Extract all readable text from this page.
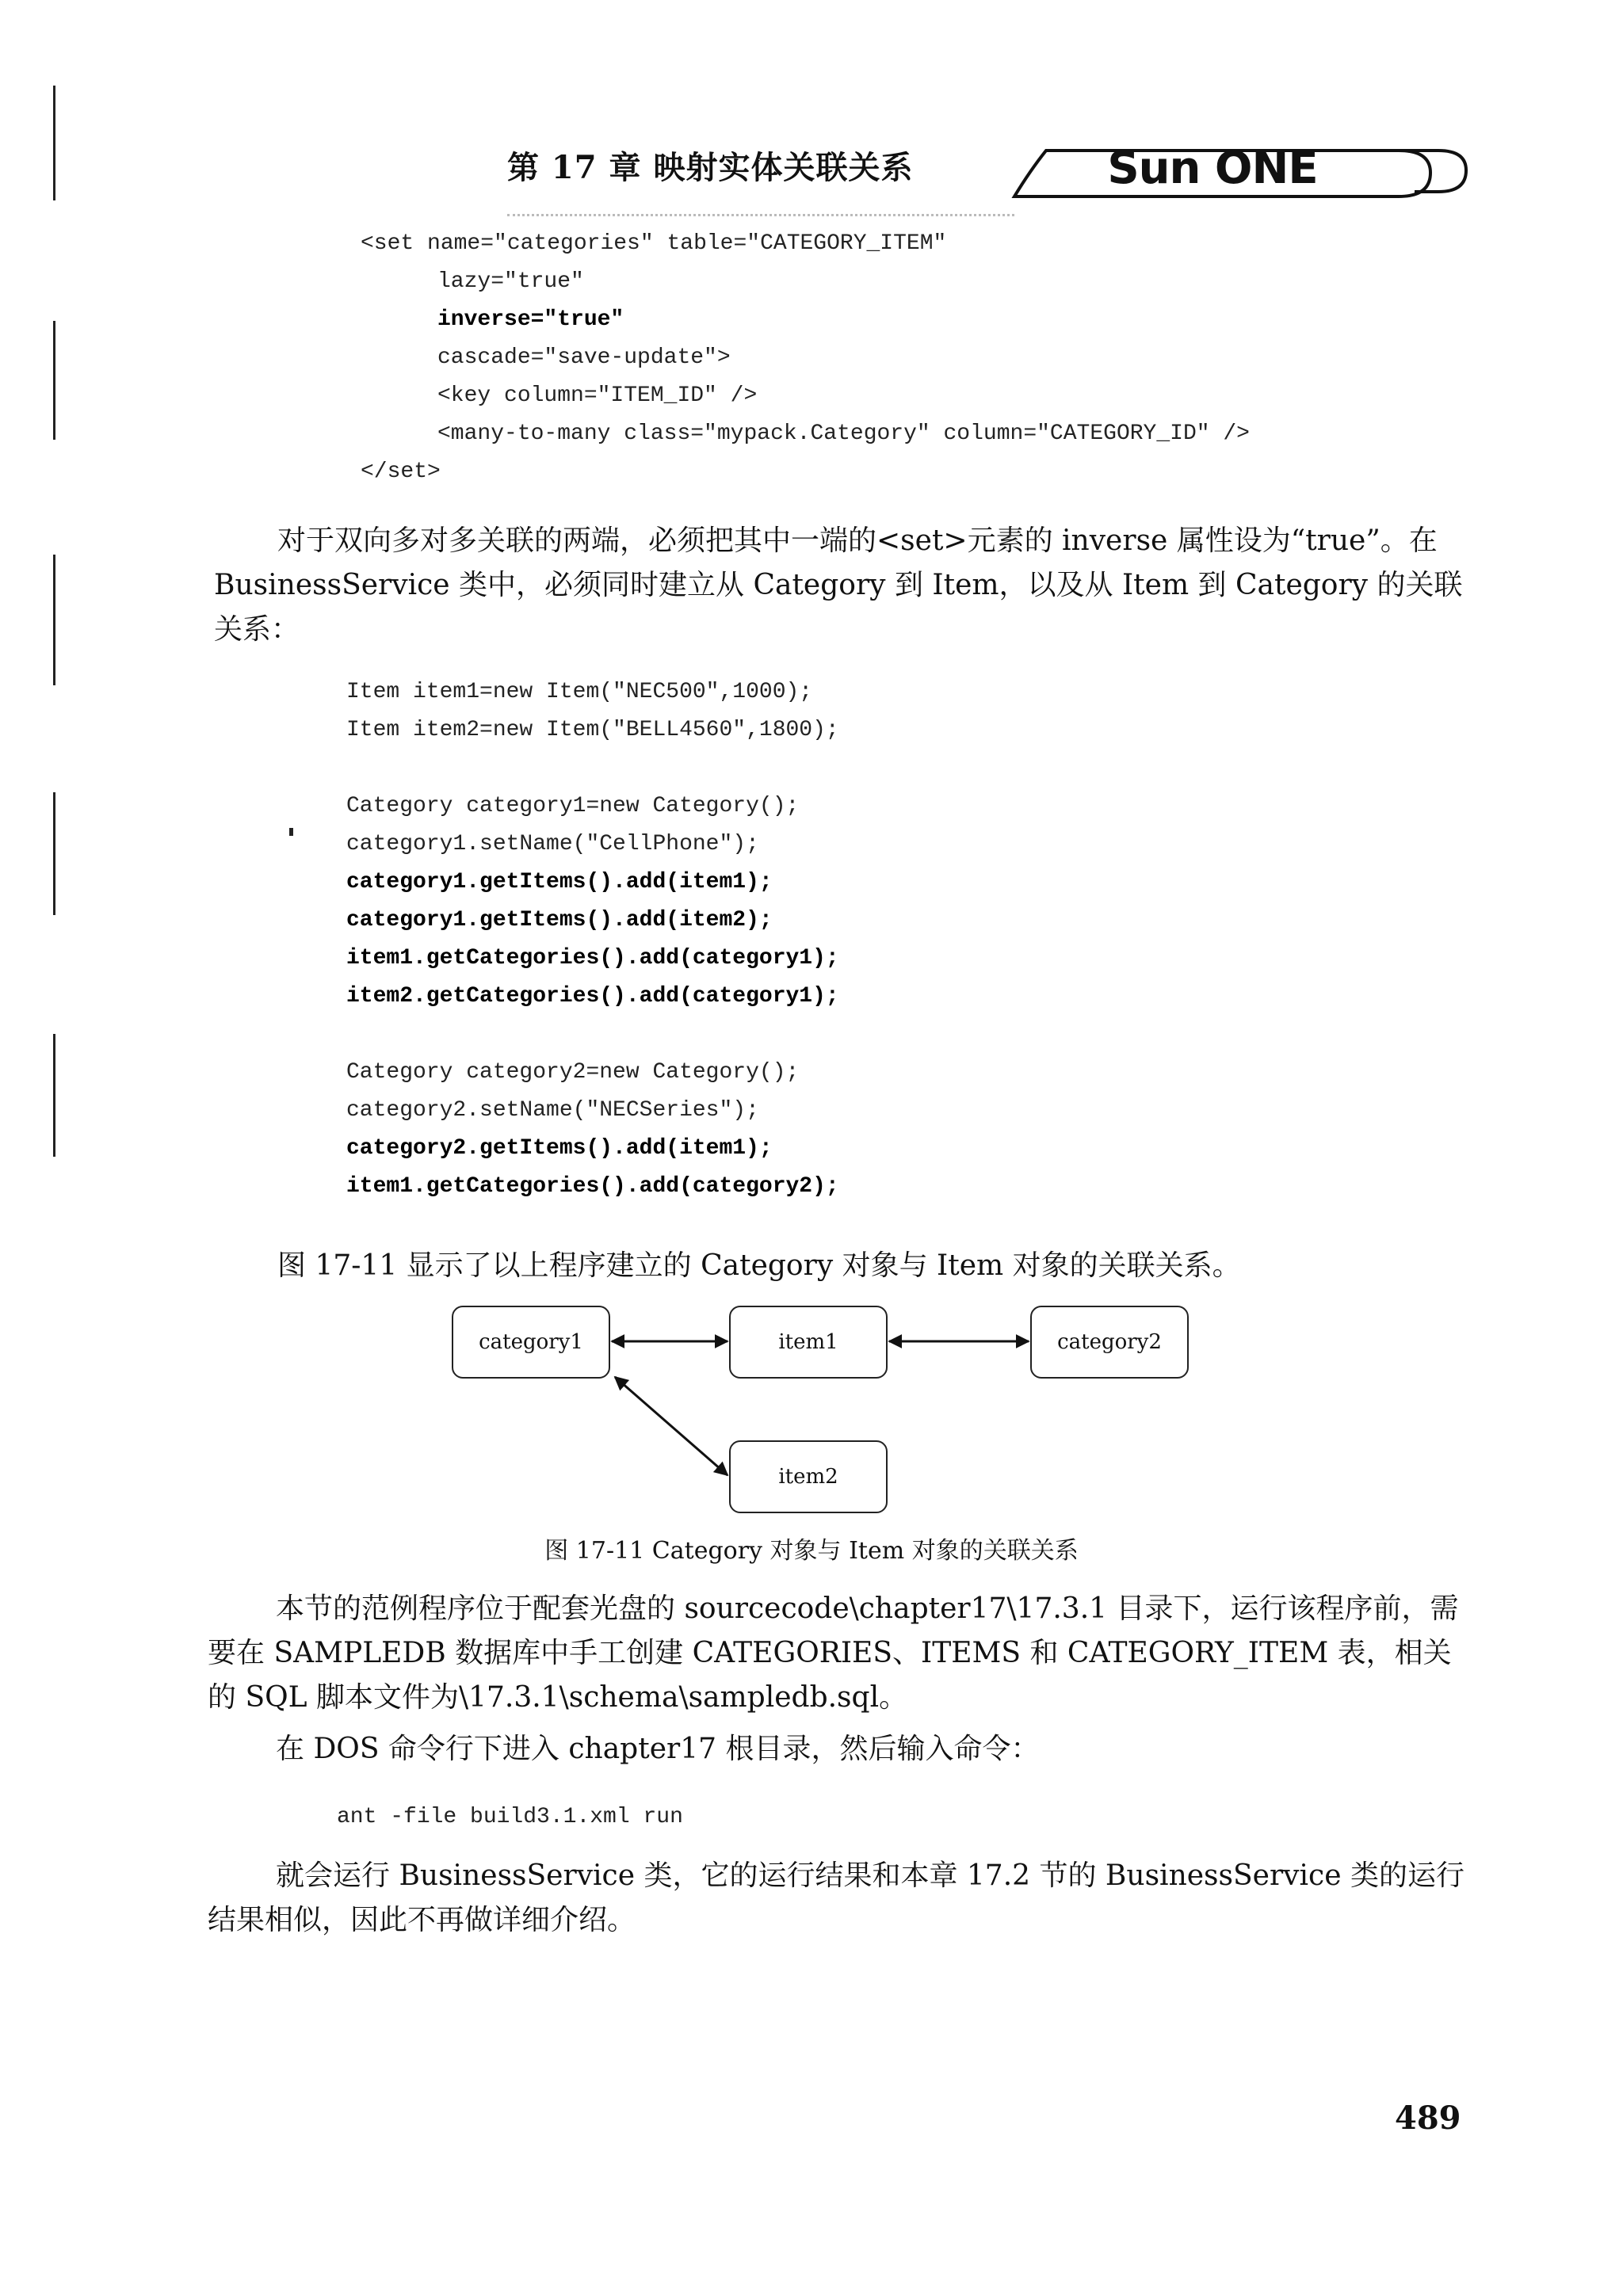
第 17 章 映射实体关联关系	Sun ONE
<set name="categories" table="CATEGORY_ITEM"
lazy="true"
inverse="true"
cascade="save-update">
<key column="ITEM_ID" />
<many-to-many class="mypack.Category" column="CATEGORY_ID" />
</set>

对于双向多对多关联的两端，必须把其中一端的<set>元素的 inverse 属性设为“true”。在 BusinessService 类中，必须同时建立从 Category 到 Item，以及从 Item 到 Category 的关联关系：

Item item1=new Item("NEC500",1000);
Item item2=new Item("BELL4560",1800);

Category category1=new Category();
category1.setName("CellPhone");
category1.getItems().add(item1);
category1.getItems().add(item2);
item1.getCategories().add(category1);
item2.getCategories().add(category1);

Category category2=new Category();
category2.setName("NECSeries");
category2.getItems().add(item1);
item1.getCategories().add(category2);

图 17-11 显示了以上程序建立的 Category 对象与 Item 对象的关联关系。

category1	item1	category2
item2
图 17-11 Category 对象与 Item 对象的关联关系

本节的范例程序位于配套光盘的 sourcecode\chapter17\17.3.1 目录下，运行该程序前，需要在 SAMPLEDB 数据库中手工创建 CATEGORIES、ITEMS 和 CATEGORY_ITEM 表，相关的 SQL 脚本文件为\17.3.1\schema\sampledb.sql。

在 DOS 命令行下进入 chapter17 根目录，然后输入命令：

ant -file build3.1.xml run

就会运行 BusinessService 类，它的运行结果和本章 17.2 节的 BusinessService 类的运行结果相似，因此不再做详细介绍。

489
